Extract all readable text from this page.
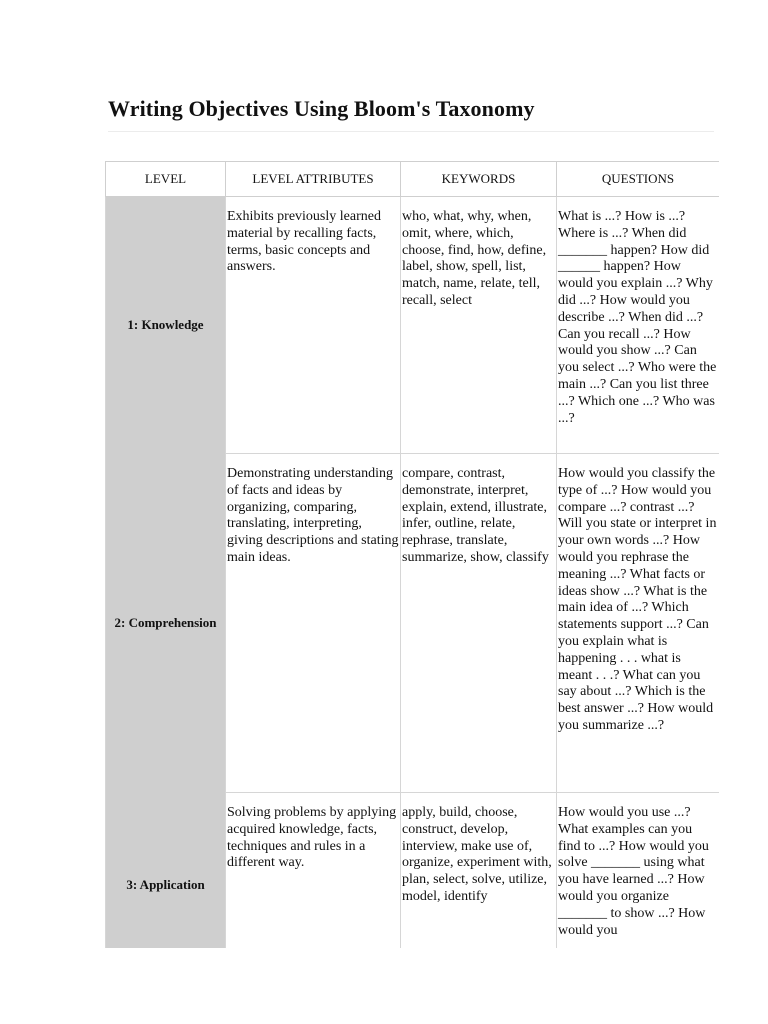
Writing Objectives Using Bloom's Taxonomy
LEVEL	LEVEL ATTRIBUTES	KEYWORDS	QUESTIONS
1: Knowledge	Exhibits previously learned material by recalling facts, terms, basic concepts and answers.	who, what, why, when, omit, where, which, choose, find, how, define, label, show, spell, list, match, name, relate, tell, recall, select	What is ...? How is ...? Where is ...? When did _______ happen? How did ______ happen? How would you explain ...? Why did ...? How would you describe ...? When did ...? Can you recall ...? How would you show ...? Can you select ...? Who were the main ...? Can you list three ...? Which one ...? Who was ...?
2: Comprehension	Demonstrating understanding of facts and ideas by organizing, comparing, translating, interpreting, giving descriptions and stating main ideas.	compare, contrast, demonstrate, interpret, explain, extend, illustrate, infer, outline, relate, rephrase, translate, summarize, show, classify	How would you classify the type of ...? How would you compare ...? contrast ...? Will you state or interpret in your own words ...? How would you rephrase the meaning ...? What facts or ideas show ...? What is the main idea of ...? Which statements support ...? Can you explain what is happening . . . what is meant . . .? What can you say about ...? Which is the best answer ...? How would you summarize ...?
3: Application	Solving problems by applying acquired knowledge, facts, techniques and rules in a different way.	apply, build, choose, construct, develop, interview, make use of, organize, experiment with, plan, select, solve, utilize, model, identify	How would you use ...? What examples can you find to ...? How would you solve _______ using what you have learned ...? How would you organize _______ to show ...? How would you
